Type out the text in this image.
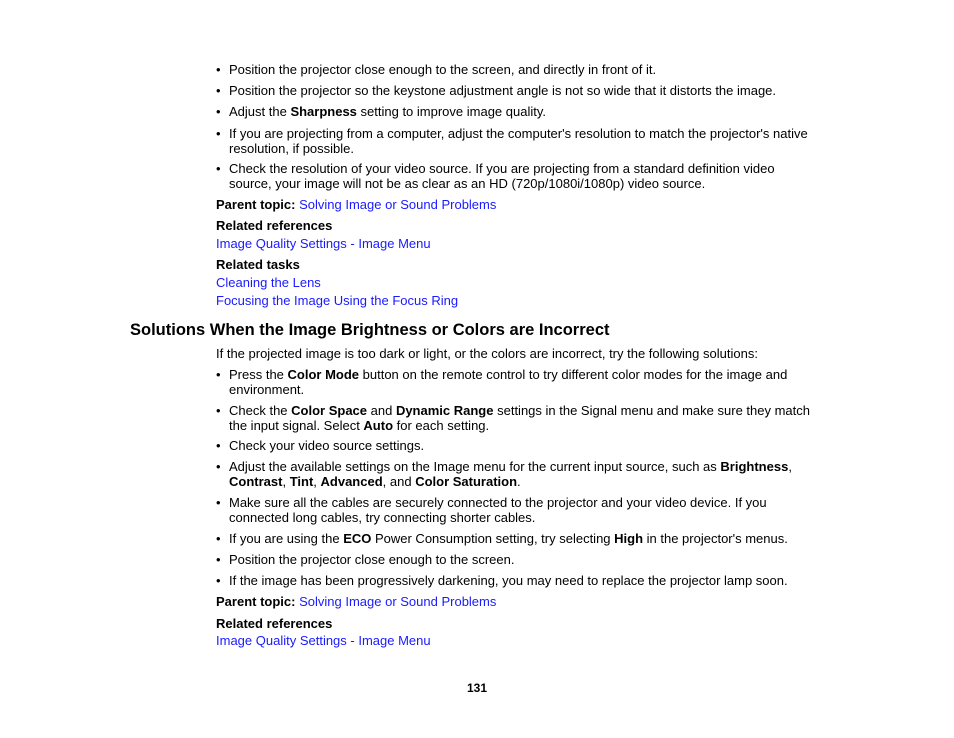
• Position the projector close enough to the screen, and directly in front of it.
• Position the projector so the keystone adjustment angle is not so wide that it distorts the image.
• Adjust the Sharpness setting to improve image quality.
• If you are projecting from a computer, adjust the computer's resolution to match the projector's native
resolution, if possible.
• Check the resolution of your video source. If you are projecting from a standard definition video
source, your image will not be as clear as an HD (720p/1080i/1080p) video source.
Parent topic: Solving Image or Sound Problems
Related references
Image Quality Settings - Image Menu
Related tasks
Cleaning the Lens
Focusing the Image Using the Focus Ring
Solutions When the Image Brightness or Colors are Incorrect
If the projected image is too dark or light, or the colors are incorrect, try the following solutions:
• Press the Color Mode button on the remote control to try different color modes for the image and
environment.
• Check the Color Space and Dynamic Range settings in the Signal menu and make sure they match
the input signal. Select Auto for each setting.
• Check your video source settings.
• Adjust the available settings on the Image menu for the current input source, such as Brightness,
Contrast, Tint, Advanced, and Color Saturation.
• Make sure all the cables are securely connected to the projector and your video device. If you
connected long cables, try connecting shorter cables.
• If you are using the ECO Power Consumption setting, try selecting High in the projector's menus.
• Position the projector close enough to the screen.
• If the image has been progressively darkening, you may need to replace the projector lamp soon.
Parent topic: Solving Image or Sound Problems
Related references
Image Quality Settings - Image Menu
131
